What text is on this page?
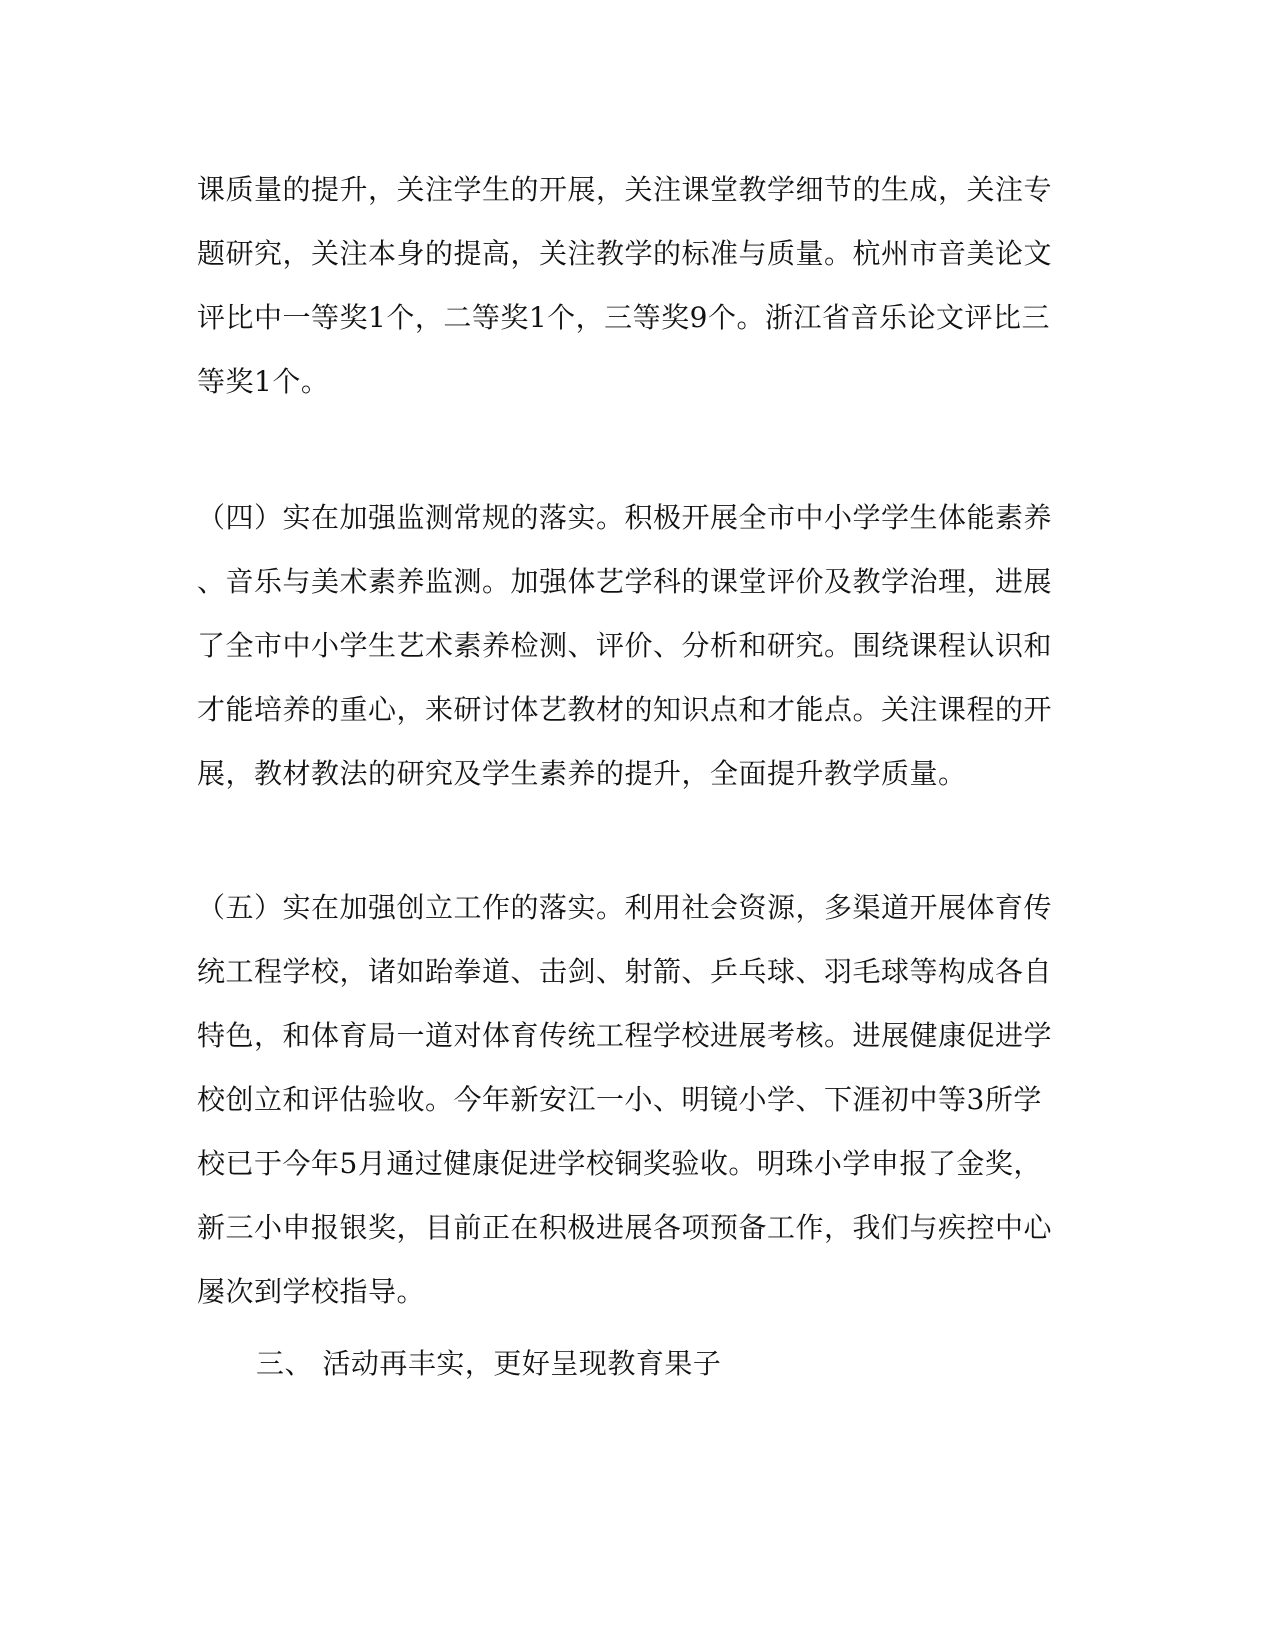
课质量的提升，关注学生的开展，关注课堂教学细节的生成，关注专
题研究，关注本身的提高，关注教学的标准与质量。杭州市音美论文
评比中一等奖1个，二等奖1个，三等奖9个。浙江省音乐论文评比三
等奖1个。
（四）实在加强监测常规的落实。积极开展全市中小学学生体能素养
、音乐与美术素养监测。加强体艺学科的课堂评价及教学治理，进展
了全市中小学生艺术素养检测、评价、分析和研究。围绕课程认识和
才能培养的重心，来研讨体艺教材的知识点和才能点。关注课程的开
展，教材教法的研究及学生素养的提升，全面提升教学质量。
（五）实在加强创立工作的落实。利用社会资源，多渠道开展体育传
统工程学校，诸如跆拳道、击剑、射箭、乒乓球、羽毛球等构成各自
特色，和体育局一道对体育传统工程学校进展考核。进展健康促进学
校创立和评估验收。今年新安江一小、明镜小学、下涯初中等3所学
校已于今年5月通过健康促进学校铜奖验收。明珠小学申报了金奖，
新三小申报银奖，目前正在积极进展各项预备工作，我们与疾控中心
屡次到学校指导。
三、 活动再丰实，更好呈现教育果子
